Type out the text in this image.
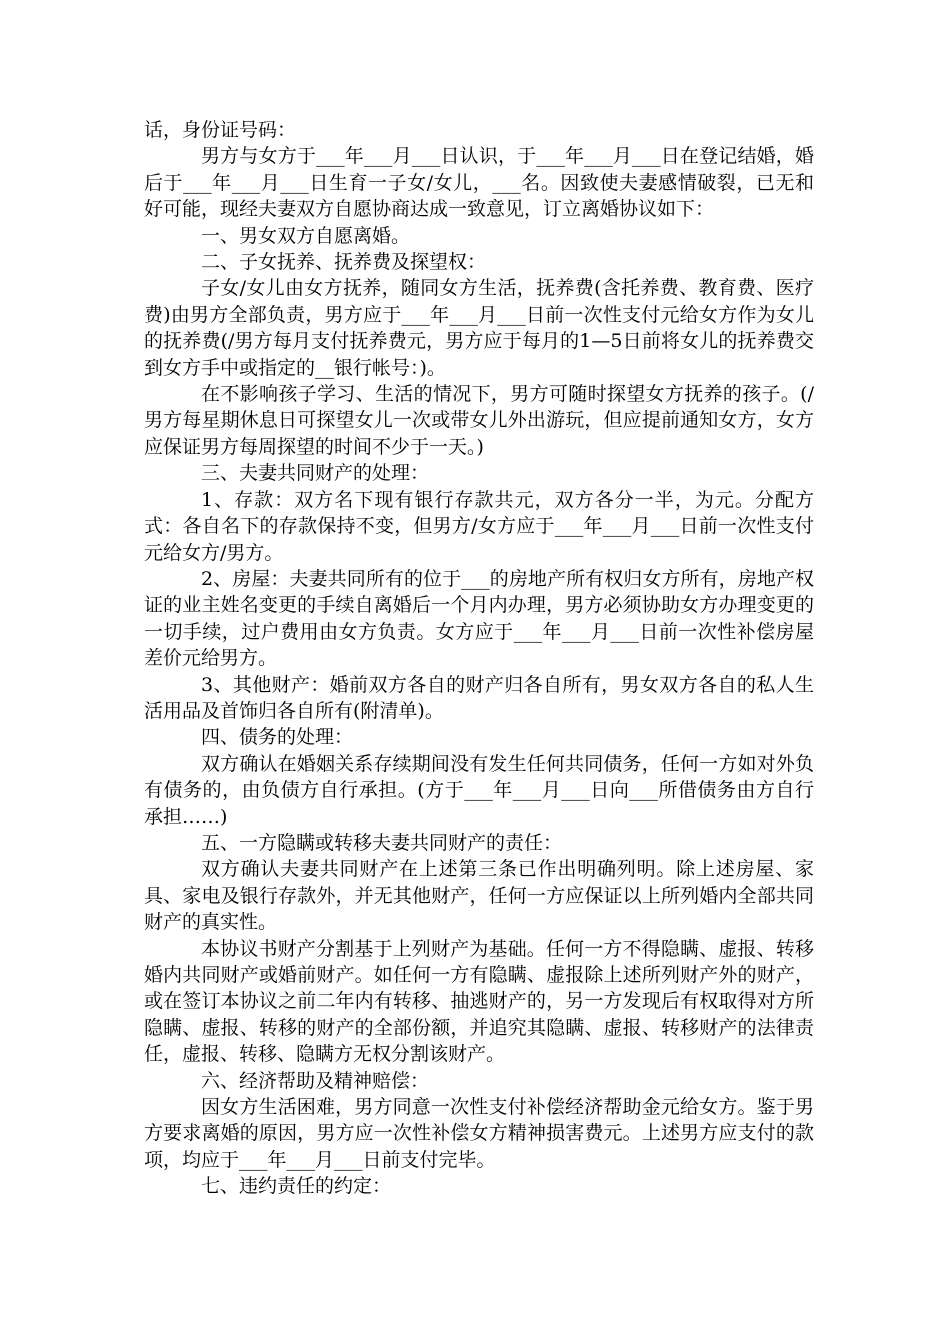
话，身份证号码：

男方与女方于___年___月___日认识，于___年___月___日在登记结婚，婚后于___年___月___日生育一子女/女儿，___名。因致使夫妻感情破裂，已无和好可能，现经夫妻双方自愿协商达成一致意见，订立离婚协议如下：

一、男女双方自愿离婚。

二、子女抚养、抚养费及探望权：

子女/女儿由女方抚养，随同女方生活，抚养费(含托养费、教育费、医疗费)由男方全部负责，男方应于___年___月___日前一次性支付元给女方作为女儿的抚养费(/男方每月支付抚养费元，男方应于每月的1—5日前将女儿的抚养费交到女方手中或指定的__银行帐号：)。

在不影响孩子学习、生活的情况下，男方可随时探望女方抚养的孩子。(/男方每星期休息日可探望女儿一次或带女儿外出游玩，但应提前通知女方，女方应保证男方每周探望的时间不少于一天。)

三、夫妻共同财产的处理：

1、存款：双方名下现有银行存款共元，双方各分一半，为元。分配方式：各自名下的存款保持不变，但男方/女方应于___年___月___日前一次性支付元给女方/男方。

2、房屋：夫妻共同所有的位于___的房地产所有权归女方所有，房地产权证的业主姓名变更的手续自离婚后一个月内办理，男方必须协助女方办理变更的一切手续，过户费用由女方负责。女方应于___年___月___日前一次性补偿房屋差价元给男方。

3、其他财产：婚前双方各自的财产归各自所有，男女双方各自的私人生活用品及首饰归各自所有(附清单)。

四、债务的处理：

双方确认在婚姻关系存续期间没有发生任何共同债务，任何一方如对外负有债务的，由负债方自行承担。(方于___年___月___日向___所借债务由方自行承担……)

五、一方隐瞒或转移夫妻共同财产的责任：

双方确认夫妻共同财产在上述第三条已作出明确列明。除上述房屋、家具、家电及银行存款外，并无其他财产，任何一方应保证以上所列婚内全部共同财产的真实性。

本协议书财产分割基于上列财产为基础。任何一方不得隐瞒、虚报、转移婚内共同财产或婚前财产。如任何一方有隐瞒、虚报除上述所列财产外的财产，或在签订本协议之前二年内有转移、抽逃财产的，另一方发现后有权取得对方所隐瞒、虚报、转移的财产的全部份额，并追究其隐瞒、虚报、转移财产的法律责任，虚报、转移、隐瞒方无权分割该财产。

六、经济帮助及精神赔偿：

因女方生活困难，男方同意一次性支付补偿经济帮助金元给女方。鉴于男方要求离婚的原因，男方应一次性补偿女方精神损害费元。上述男方应支付的款项，均应于___年___月___日前支付完毕。

七、违约责任的约定：
